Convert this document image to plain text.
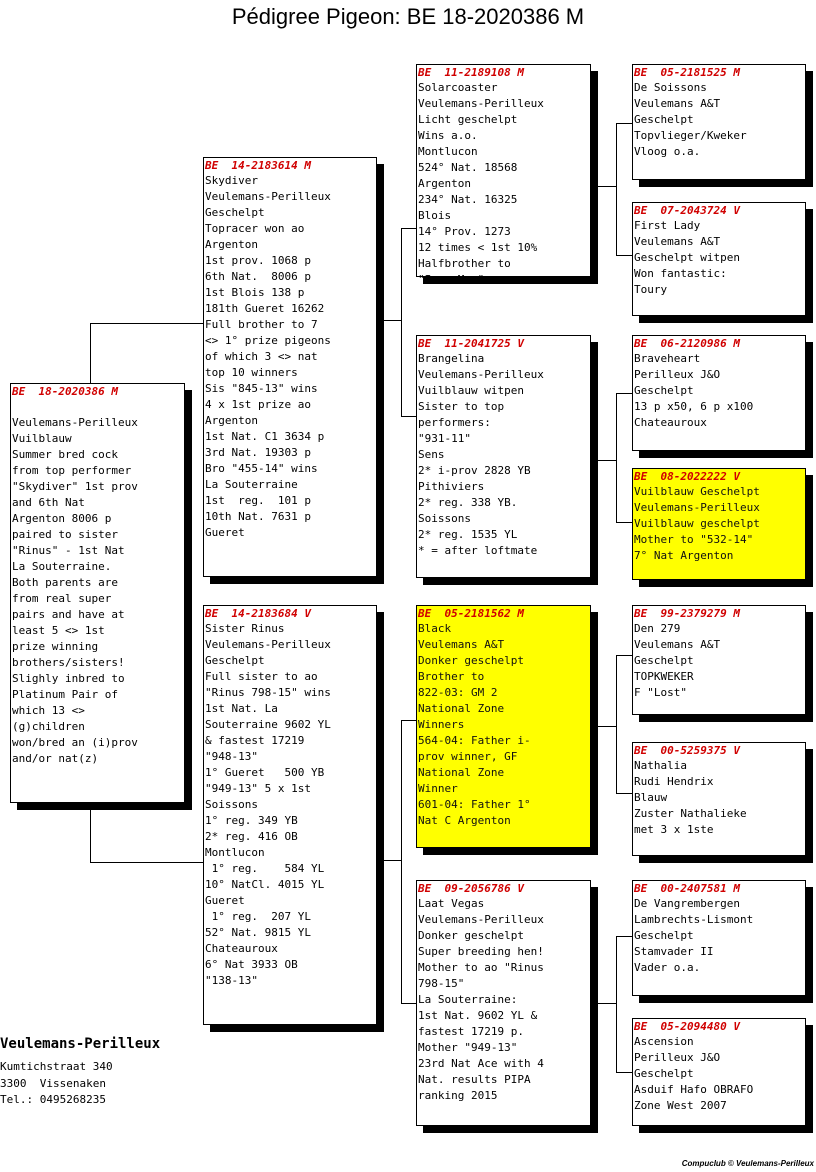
Pédigree Pigeon: BE 18-2020386 M
BE  18-2020386 M
Veulemans-Perilleux
Vuilblauw
Summer bred cock
from top performer
"Skydiver" 1st prov
and 6th Nat
Argenton 8006 p
paired to sister
"Rinus" - 1st Nat
La Souterraine.
Both parents are
from real super
pairs and have at
least 5 <> 1st
prize winning
brothers/sisters!
Slighly inbred to
Platinum Pair of
which 13 <>
(g)children
won/bred an (i)prov
and/or nat(z)
BE  14-2183614 M
Skydiver
Veulemans-Perilleux
Geschelpt
Topracer won ao
Argenton
1st prov. 1068 p
6th Nat.  8006 p
1st Blois 138 p
181th Gueret 16262
Full brother to 7
<> 1° prize pigeons
of which 3 <> nat
top 10 winners
Sis "845-13" wins
4 x 1st prize ao
Argenton
1st Nat. C1 3634 p
3rd Nat. 19303 p
Bro "455-14" wins
La Souterraine
1st  reg.  101 p
10th Nat. 7631 p
Gueret
BE  14-2183684 V
Sister Rinus
Veulemans-Perilleux
Geschelpt
Full sister to ao
"Rinus 798-15" wins
1st Nat. La
Souterraine 9602 YL
& fastest 17219
"948-13"
1° Gueret   500 YB
"949-13" 5 x 1st
Soissons
1° reg. 349 YB
2* reg. 416 OB
Montlucon
1° reg.    584 YL
10° NatCl. 4015 YL
Gueret
1° reg.  207 YL
52° Nat. 9815 YL
Chateauroux
6° Nat 3933 OB
"138-13"
BE  11-2189108 M
Solarcoaster
Veulemans-Perilleux
Licht geschelpt
Wins a.o.
Montlucon
524° Nat. 18568
Argenton
234° Nat. 16325
Blois
14° Prov. 1273
12 times < 1st 10%
Halfbrother to
"Iron Man"
BE  11-2041725 V
Brangelina
Veulemans-Perilleux
Vuilblauw witpen
Sister to top
performers:
"931-11"
Sens
2* i-prov 2828 YB
Pithiviers
2* reg. 338 YB.
Soissons
2* reg. 1535 YL
* = after loftmate
BE  05-2181562 M
Black
Veulemans A&T
Donker geschelpt
Brother to
822-03: GM 2
National Zone
Winners
564-04: Father i-
prov winner, GF
National Zone
Winner
601-04: Father 1°
Nat C Argenton
BE  09-2056786 V
Laat Vegas
Veulemans-Perilleux
Donker geschelpt
Super breeding hen!
Mother to ao "Rinus
798-15"
La Souterraine:
1st Nat. 9602 YL &
fastest 17219 p.
Mother "949-13"
23rd Nat Ace with 4
Nat. results PIPA
ranking 2015
BE  05-2181525 M
De Soissons
Veulemans A&T
Geschelpt
Topvlieger/Kweker
Vloog o.a.
BE  07-2043724 V
First Lady
Veulemans A&T
Geschelpt witpen
Won fantastic:
Toury
BE  06-2120986 M
Braveheart
Perilleux J&O
Geschelpt
13 p x50, 6 p x100
Chateauroux
BE  08-2022222 V
Vuilblauw Geschelpt
Veulemans-Perilleux
Vuilblauw geschelpt
Mother to "532-14"
7° Nat Argenton
BE  99-2379279 M
Den 279
Veulemans A&T
Geschelpt
TOPKWEKER
F "Lost"
BE  00-5259375 V
Nathalia
Rudi Hendrix
Blauw
Zuster Nathalieke
met 3 x 1ste
BE  00-2407581 M
De Vangrembergen
Lambrechts-Lismont
Geschelpt
Stamvader II
Vader o.a.
BE  05-2094480 V
Ascension
Perilleux J&O
Geschelpt
Asduif Hafo OBRAFO
Zone West 2007
Veulemans-Perilleux
Kumtichstraat 340
3300  Vissenaken
Tel.: 0495268235
Compuclub © Veulemans-Perilleux
